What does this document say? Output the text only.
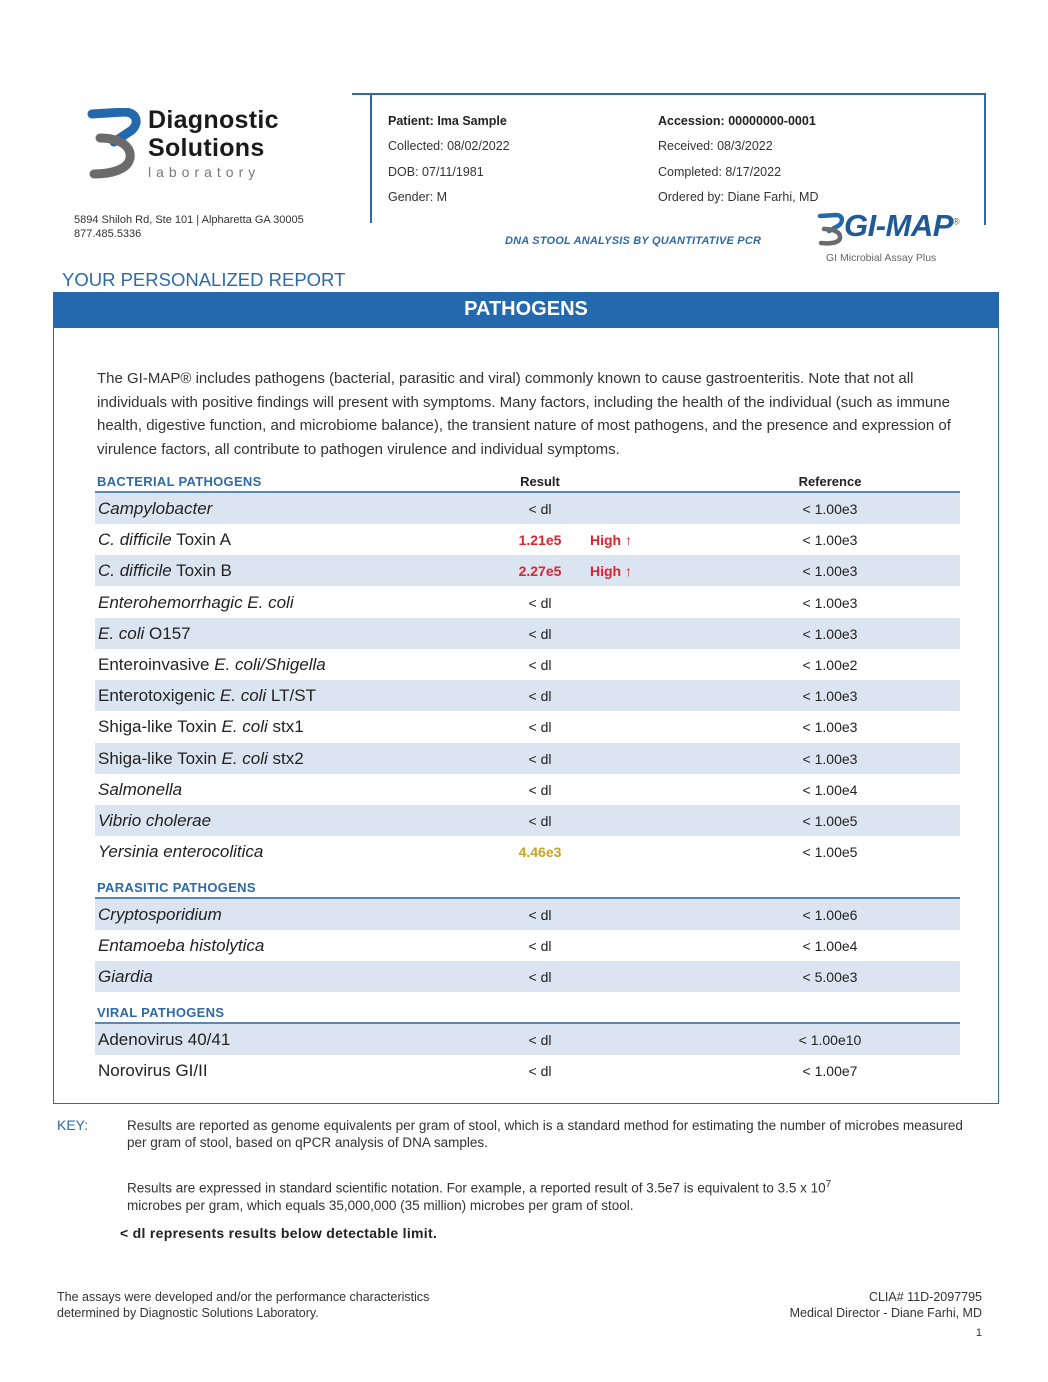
Diagnostic
Solutions
laboratory
5894 Shiloh Rd, Ste 101 | Alpharetta GA 30005
877.485.5336
Patient: Ima Sample
Collected: 08/02/2022
DOB: 07/11/1981
Gender: M
Accession: 00000000-0001
Received: 08/3/2022
Completed: 8/17/2022
Ordered by: Diane Farhi, MD
DNA STOOL ANALYSIS BY QUANTITATIVE PCR	GI-MAP®
GI Microbial Assay Plus
YOUR PERSONALIZED REPORT
PATHOGENS
The GI-MAP® includes pathogens (bacterial, parasitic and viral) commonly known to cause gastroenteritis. Note that not all individuals with positive findings will present with symptoms. Many factors, including the health of the individual (such as immune health, digestive function, and microbiome balance), the transient nature of most pathogens, and the presence and expression of virulence factors, all contribute to pathogen virulence and individual symptoms.
BACTERIAL PATHOGENS	Result	Reference
Campylobacter	< dl	< 1.00e3
C. difficile Toxin A	1.21e5	High ↑	< 1.00e3
C. difficile Toxin B	2.27e5	High ↑	< 1.00e3
Enterohemorrhagic E. coli	< dl	< 1.00e3
E. coli O157	< dl	< 1.00e3
Enteroinvasive E. coli/Shigella	< dl	< 1.00e2
Enterotoxigenic E. coli LT/ST	< dl	< 1.00e3
Shiga-like Toxin E. coli stx1	< dl	< 1.00e3
Shiga-like Toxin E. coli stx2	< dl	< 1.00e3
Salmonella	< dl	< 1.00e4
Vibrio cholerae	< dl	< 1.00e5
Yersinia enterocolitica	4.46e3	< 1.00e5
PARASITIC PATHOGENS
Cryptosporidium	< dl	< 1.00e6
Entamoeba histolytica	< dl	< 1.00e4
Giardia	< dl	< 5.00e3
VIRAL PATHOGENS
Adenovirus 40/41	< dl	< 1.00e10
Norovirus GI/II	< dl	< 1.00e7
KEY:	Results are reported as genome equivalents per gram of stool, which is a standard method for estimating the number of microbes measured per gram of stool, based on qPCR analysis of DNA samples.
Results are expressed in standard scientific notation. For example, a reported result of 3.5e7 is equivalent to 3.5 x $10^7$
microbes per gram, which equals 35,000,000 (35 million) microbes per gram of stool.
< dl represents results below detectable limit.
The assays were developed and/or the performance characteristics
determined by Diagnostic Solutions Laboratory.
CLIA# 11D-2097795
Medical Director - Diane Farhi, MD
1
